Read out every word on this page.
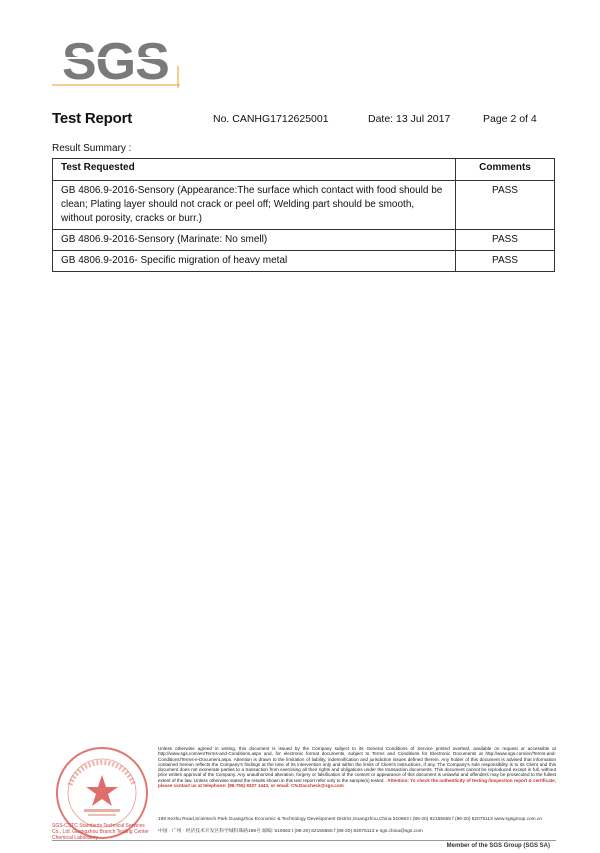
SGS
Test Report	No. CANHG1712625001	Date: 13 Jul 2017	Page 2 of 4
Result Summary :
Test Requested	Comments
GB 4806.9-2016-Sensory (Appearance:The surface which contact with food should be clean; Plating layer should not crack or peel off; Welding part should be smooth, without porosity, cracks or burr.)	PASS
GB 4806.9-2016-Sensory (Marinate: No smell)	PASS
GB 4806.9-2016- Specific migration of heavy metal	PASS
SGS-CSTC Standards Technical Services Co., Ltd. Guangzhou Branch Testing Center Chemical Laboratory
Unless otherwise agreed in writing, this document is issued by the Company subject to its General Conditions of Service printed overleaf, available on request or accessible at http://www.sgs.com/en/Terms-and-Conditions.aspx and, for electronic format documents, subject to Terms and Conditions for Electronic Documents at http://www.sgs.com/en/Terms-and-Conditions/Terms-e-Document.aspx. Attention is drawn to the limitation of liability, indemnification and jurisdiction issues defined therein. Any holder of this document is advised that information contained hereon reflects the Company's findings at the time of its intervention only and within the limits of Client's instructions, if any. The Company's sole responsibility is to its Client and this document does not exonerate parties to a transaction from exercising all their rights and obligations under the transaction documents. This document cannot be reproduced except in full, without prior written approval of the Company. Any unauthorized alteration, forgery or falsification of the content or appearance of this document is unlawful and offenders may be prosecuted to the fullest extent of the law. Unless otherwise stated the results shown in this test report refer only to the sample(s) tested . Attention: To check the authenticity of testing /inspection report & certificate, please contact us at telephone: (86-755) 8307 1443, or email: CN.Doccheck@sgs.com
198 Kezhu Road,Scientech Park Guangzhou Economic & Technology Development District,Guangzhou,China 510663 t (86-20) 82155555 f (86-20) 82075113 www.sgsgroup.com.cn
中国 · 广州 · 经济技术开发区科学城科珠路198号 邮编: 510663 t (86-20) 82155555 f (86-20) 82075113 e sgs.china@sgs.com
Member of the SGS Group (SGS SA)
